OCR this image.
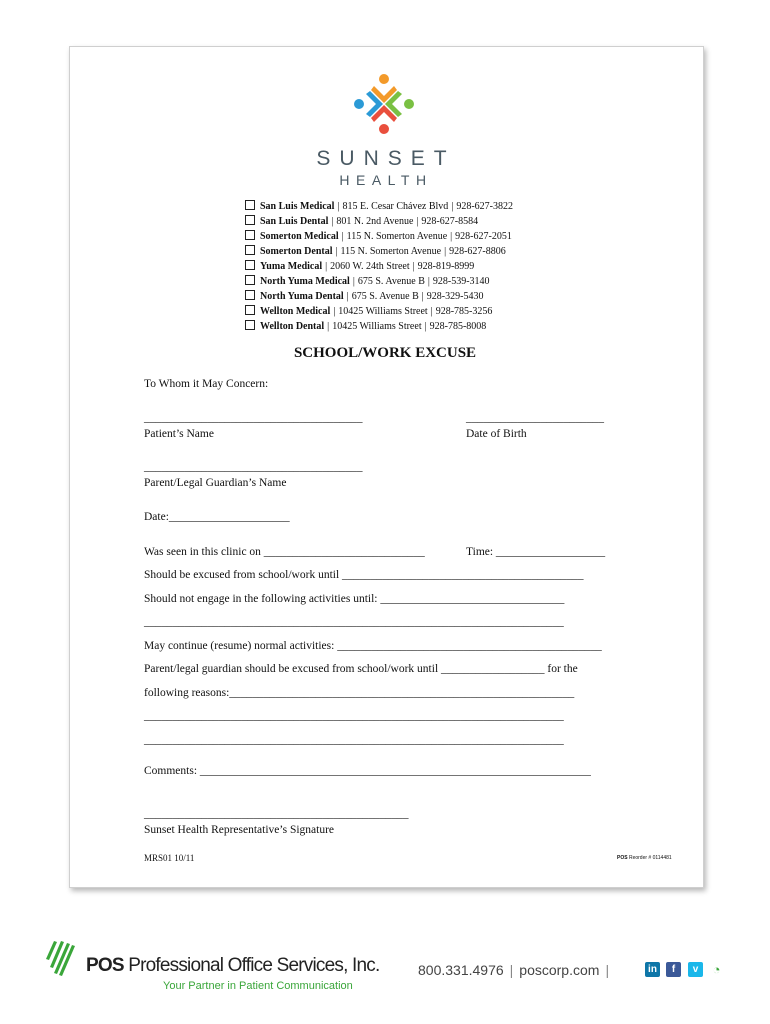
SUNSET
HEALTH
San Luis Medical | 815 E. Cesar Chávez Blvd | 928-627-3822
San Luis Dental | 801 N. 2nd Avenue | 928-627-8584
Somerton Medical | 115 N. Somerton Avenue | 928-627-2051
Somerton Dental | 115 N. Somerton Avenue | 928-627-8806
Yuma Medical | 2060 W. 24th Street | 928-819-8999
North Yuma Medical | 675 S. Avenue B | 928-539-3140
North Yuma Dental | 675 S. Avenue B | 928-329-5430
Wellton Medical | 10425 Williams Street | 928-785-3256
Wellton Dental | 10425 Williams Street | 928-785-8008
SCHOOL/WORK EXCUSE
To Whom it May Concern:
______________________________________
Patient’s Name
________________________
Date of Birth
______________________________________
Parent/Legal Guardian’s Name
Date:_____________________
Was seen in this clinic on ____________________________	Time: ___________________
Should be excused from school/work until __________________________________________
Should not engage in the following activities until: ________________________________
_________________________________________________________________________
May continue (resume) normal activities: ______________________________________________
Parent/legal guardian should be excused from school/work until __________________ for the
following reasons:____________________________________________________________
_________________________________________________________________________
_________________________________________________________________________
Comments: ____________________________________________________________________
______________________________________________
Sunset Health Representative’s Signature
MRS01 10/11	POS Reorder # 0114481
POS Professional Office Services, Inc.
Your Partner in Patient Communication
800.331.4976 | poscorp.com |	in	f	v	◔
